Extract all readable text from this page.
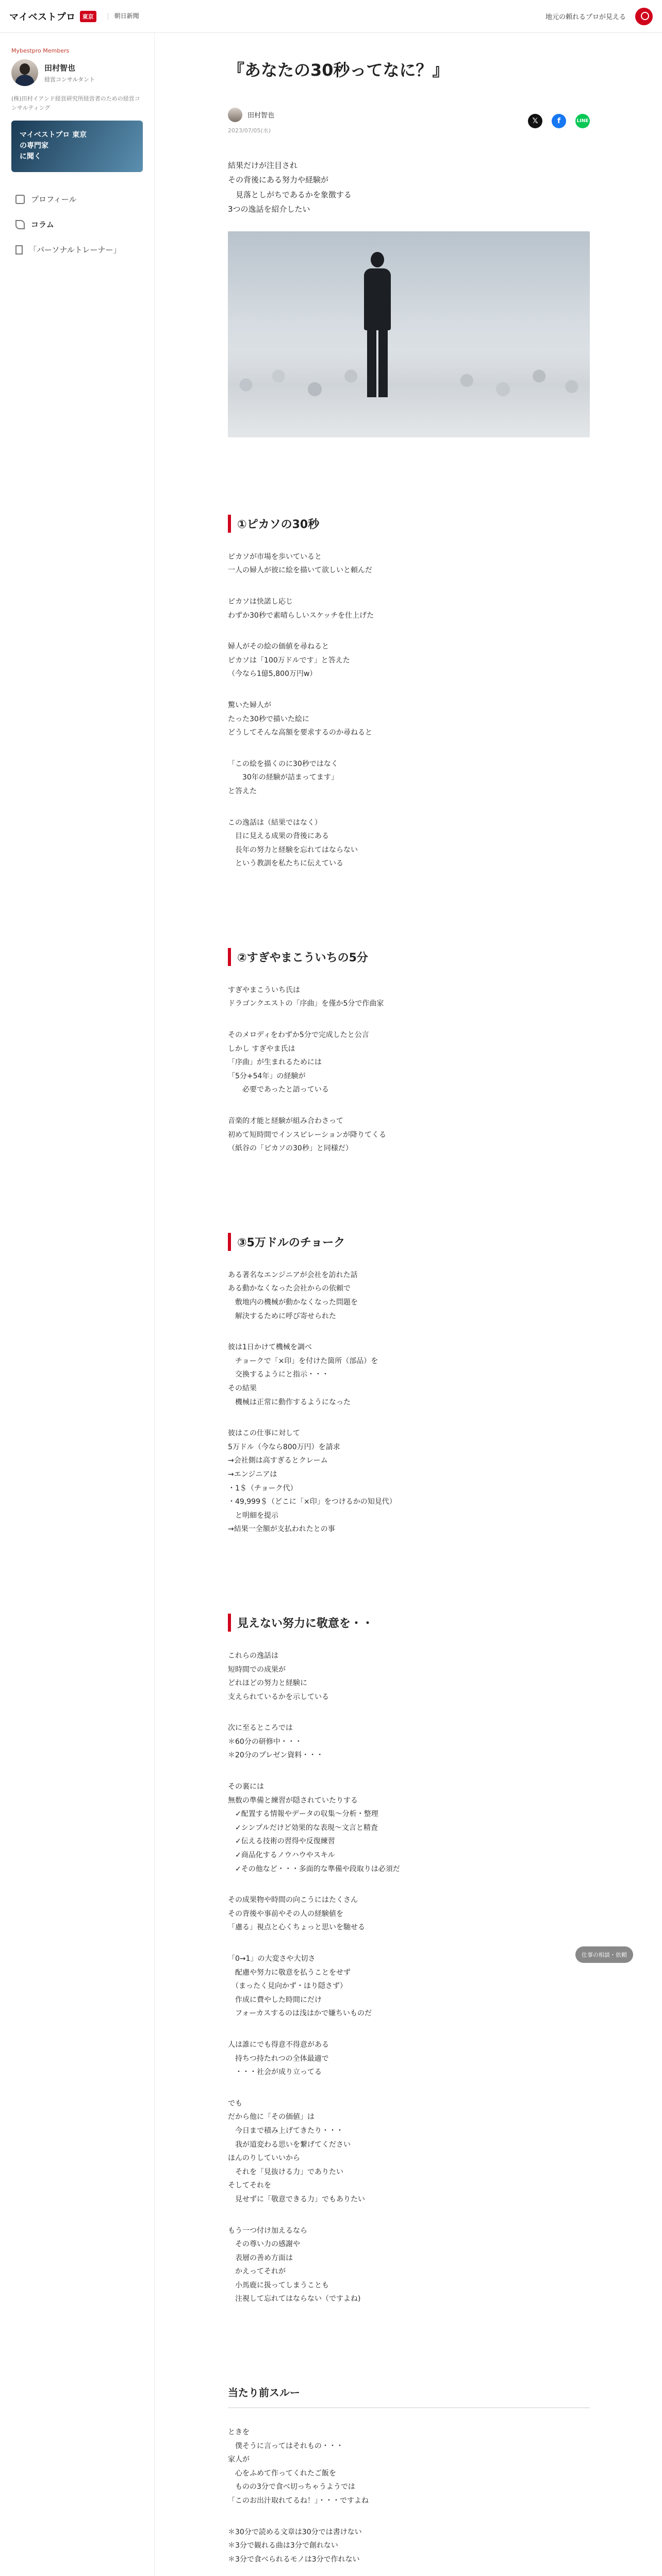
マイベストプロ	東京	朝日新聞	地元の頼れるプロが見える
Mybestpro Members
田村智也
経営コンサルタント
(株)田村イアンド経営研究所経営者のための経営コンサルティング
マイベストプロ 東京
の専門家
に聞く
プロフィール
コラム
「パーソナルトレーナー」
『あなたの30秒ってなに？』
田村智也
2023/07/05(水)
𝕏	f	LINE
結果だけが注目され
その背後にある努力や経験が
　見落としがちであるかを象徴する
3つの逸話を紹介したい
①ピカソの30秒
ピカソが市場を歩いていると
一人の婦人が彼に絵を描いて欲しいと頼んだ
ピカソは快諾し応じ
わずか30秒で素晴らしいスケッチを仕上げた
婦人がその絵の価値を尋ねると
ピカソは「100万ドルです」と答えた
（今なら1億5,800万円w）
驚いた婦人が
たった30秒で描いた絵に
どうしてそんな高額を要求するのか尋ねると
「この絵を描くのに30秒ではなく
　　30年の経験が詰まってます」
と答えた
この逸話は（結果ではなく）
　目に見える成果の背後にある
　長年の努力と経験を忘れてはならない
　という教訓を私たちに伝えている
②すぎやまこういちの5分
すぎやまこういち氏は
ドラゴンクエストの「序曲」を僅か5分で作曲家
そのメロディをわずか5分で完成したと公言
しかし すぎやま氏は
「序曲」が生まれるためには
「5分+54年」の経験が
　　必要であったと語っている
音楽的才能と経験が組み合わさって
初めて短時間でインスピレーションが降りてくる
（紙谷の「ピカソの30秒」と同様だ）
③5万ドルのチョーク
ある著名なエンジニアが会社を訪れた話
ある動かなくなった会社からの依頼で
　敷地内の機械が動かなくなった問題を
　解決するために呼び寄せられた
彼は1日かけて機械を調べ
　チョークで「×印」を付けた箇所（部品）を
　交換するようにと指示・・・
その結果
　機械は正常に動作するようになった
彼はこの仕事に対して
5万ドル（今なら800万円）を請求
→会社側は高すぎるとクレーム
→エンジニアは
・1＄（チョーク代）
・49,999＄（どこに「×印」をつけるかの知見代）
　と明細を提示
→結果一全額が支払われたとの事
見えない努力に敬意を・・
これらの逸話は
短時間での成果が
どれほどの努力と経験に
支えられているかを示している
次に至るところでは
＊60分の研修中・・・
＊20分のプレゼン資料・・・
その裏には
無数の準備と練習が隠されていたりする
　✓配置する情報やデータの収集～分析・整理
　✓シンプルだけど効果的な表現～文言と精査
　✓伝える技術の習得や反復練習
　✓商品化するノウハウやスキル
　✓その他など・・・多面的な準備や段取りは必須だ
その成果物や時間の向こうにはたくさん
その背後や事前やその人の経験値を
「慮る」視点と心くちょっと思いを馳せる
「0→1」の大変さや大切さ
　配慮や努力に敬意を払うことをせず
　（まったく見向かず・ほり隠さず）
　作成に費やした時間にだけ
　フォーカスするのは浅はかで嫌ちいものだ
人は誰にでも得意不得意がある
　持ちつ持たれつの全体最適で
　・・・社会が成り立ってる
でも
だから他に「その価値」は
　今日まで積み上げてきたり・・・
　我が道変わる思いを繋げてください
ほんのりしていいから
　それを「見抜ける力」でありたい
そしてそれを
　見せずに「敬意できる力」でもありたい
もう一つ付け加えるなら
　その尊い力の感謝や
　表層の善め方面は
　かえってそれが
　小馬鹿に扱ってしまうことも
　注視して忘れてはならない（ですよね)
当たり前スルー
ときを
　僕そうに言ってはそれもの・・・
家人が
　心をふめて作ってくれたご飯を
　ものの3分で食べ切っちゃうようでは
「このお出汁取れてるね！」・・・ですよね
＊30分で読める文章は30分では書けない
＊3分で観れる曲は3分で創れない
＊3分で食べられるモノは3分で作れない
仕事の相談・依頼
